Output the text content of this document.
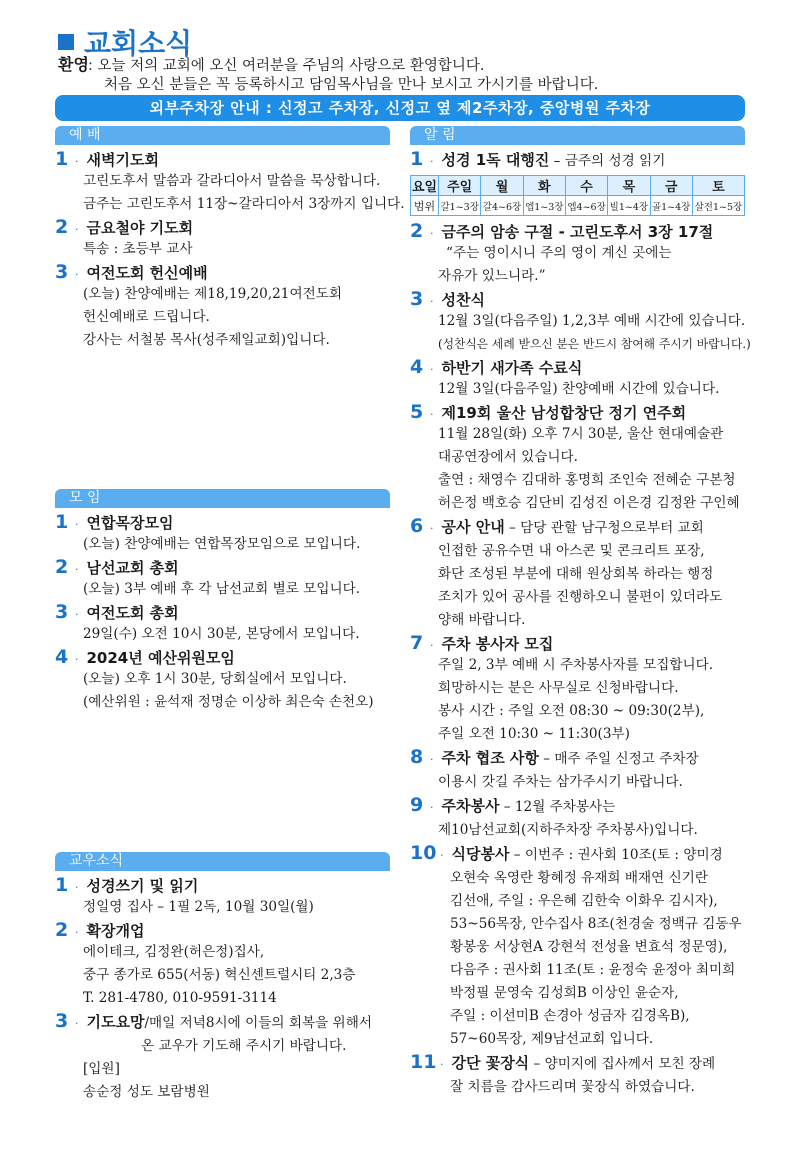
교회소식
환영 : 오늘 저의 교회에 오신 여러분을 주님의 사랑으로 환영합니다.
처음 오신 분들은 꼭 등록하시고 담임목사님을 만나 보시고 가시기를 바랍니다.
외부주차장 안내 : 신정고 주차장, 신정고 옆 제2주차장, 중앙병원 주차장
예 배
1 · 새벽기도회
고린도후서 말씀과 갈라디아서 말씀을 묵상합니다.
금주는 고린도후서 11장~갈라디아서 3장까지 입니다.
2 · 금요철야 기도회
특송 : 초등부 교사
3 · 여전도회 헌신예배
(오늘) 찬양예배는 제18,19,20,21여전도회
헌신예배로 드립니다.
강사는 서철봉 목사(성주제일교회)입니다.
모 임
1 · 연합목장모임
(오늘) 찬양예배는 연합목장모임으로 모입니다.
2 · 남선교회 총회
(오늘) 3부 예배 후 각 남선교회 별로 모입니다.
3 · 여전도회 총회
29일(수) 오전 10시 30분, 본당에서 모입니다.
4 · 2024년 예산위원모임
(오늘) 오후 1시 30분, 당회실에서 모입니다.
(예산위원 : 윤석재 정명순 이상하 최은숙 손천오)
교우소식
1 · 성경쓰기 및 읽기
정일영 집사 – 1필 2독, 10월 30일(월)
2 · 확장개업
에이테크, 김정완(허은정)집사,
중구 종가로 655(서동) 혁신센트럴시티 2,3층
T. 281-4780, 010-9591-3114
3 · 기도요망/매일 저녁8시에 이들의 회복을 위해서
온 교우가 기도해 주시기 바랍니다.
[입원]
송순정 성도 보람병원
알 림
1 · 성경 1독 대행진 – 금주의 성경 읽기
요일	주일	월	화	수	목	금	토
범위	갈1~3장	갈4~6장	엡1~3장	엡4~6장	빌1~4장	골1~4장	살전1~5장
2 · 금주의 암송 구절 - 고린도후서 3장 17절
“주는 영이시니 주의 영이 계신 곳에는
자유가 있느니라.”
3 · 성찬식
12월 3일(다음주일) 1,2,3부 예배 시간에 있습니다.
(성찬식은 세례 받으신 분은 반드시 참여해 주시기 바랍니다.)
4 · 하반기 새가족 수료식
12월 3일(다음주일) 찬양예배 시간에 있습니다.
5 · 제19회 울산 남성합창단 정기 연주회
11월 28일(화) 오후 7시 30분, 울산 현대예술관
대공연장에서 있습니다.
출연 : 채영수 김대하 홍명희 조인숙 전혜순 구본청
허은정 백호승 김단비 김성진 이은경 김정완 구인혜
6 · 공사 안내 – 담당 관할 남구청으로부터 교회
인접한 공유수면 내 아스콘 및 콘크리트 포장,
화단 조성된 부분에 대해 원상회복 하라는 행정
조치가 있어 공사를 진행하오니 불편이 있더라도
양해 바랍니다.
7 · 주차 봉사자 모집
주일 2, 3부 예배 시 주차봉사자를 모집합니다.
희망하시는 분은 사무실로 신청바랍니다.
봉사 시간 : 주일 오전 08:30 ~ 09:30(2부),
주일 오전 10:30 ~ 11:30(3부)
8 · 주차 협조 사항 – 매주 주일 신정고 주차장
이용시 갓길 주차는 삼가주시기 바랍니다.
9 · 주차봉사 – 12월 주차봉사는
제10남선교회(지하주차장 주차봉사)입니다.
10 · 식당봉사 – 이번주 : 권사회 10조(토 : 양미경
오현숙 옥영란 황혜정 유재희 배재연 신기란
김선애, 주일 : 우은혜 김한숙 이화우 김시자),
53~56목장, 안수집사 8조(천경술 정백규 김동우
황봉웅 서상현A 강현석 전성율 변효석 정문영),
다음주 : 권사회 11조(토 : 윤정숙 윤정아 최미희
박정필 문영숙 김성희B 이상인 윤순자,
주일 : 이선미B 손경아 성금자 김경옥B),
57~60목장, 제9남선교회 입니다.
11 · 강단 꽃장식 – 양미지에 집사께서 모친 장례
잘 치름을 감사드리며 꽃장식 하였습니다.
